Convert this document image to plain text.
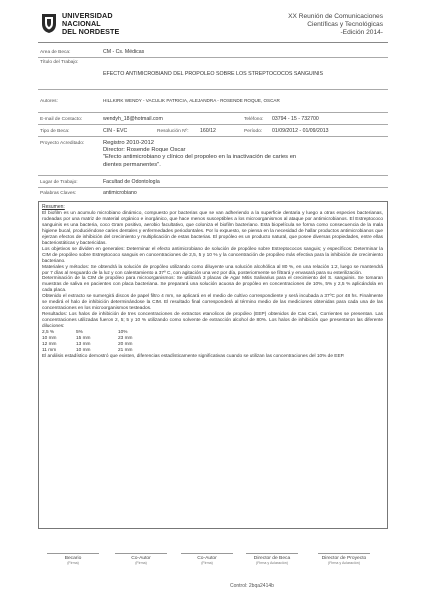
UNIVERSIDAD
NACIONAL
DEL NORDESTE
XX Reunión de Comunicaciones
Científicas y Tecnológicas
-Edición 2014-
Area de Beca:	CM - Cs. Médicas
Título del Trabajo:
EFECTO ANTIMICROBIANO DEL PROPOLEO SOBRE LOS STREPTOCOCOS SANGUINIS
Autores:	HILLKIRK WENDY - VACULIK PATRICIA, ALEJANDRA - ROSENDE ROQUE, OSCAR
E-mail de Contacto:	wendyh_18@hotmail.com	Teléfono: 03794 - 15 - 732700
Tipo de Beca:	CIN - EVC	Resolución Nº: 160/12	Período: 01/09/2012 - 01/09/2013
Proyecto Acreditado:	Registro 2010-2012
Director: Rosende Roque Oscar
"Efecto antimicrobiano y clínico del propoleo en la inactivación de caries en
dientes permanentes".
Lugar de Trabajo:	Facultad de Odontología
Palabras Claves:	antimicrobiano
Resumen:

El biofilm es un acumulo microbiano dinámico, compuesto por bacterias que se van adheriendo a la superficie dentaria y luego a otras especies bacterianas, rodeadas por una matriz de material orgánico e inorgánico, que hace menos susceptibles a los microorganismos al ataque por antimicrobianos. El Estreptococo sanguinis es una bacteria, coco Gram positivo, aerobio facultativo, que coloniza el biofilm bacteriano. Esta biopelícula se forma como consecuencia de la mala higiene bucal, produciéndose caries dentales y enfermedades periodontales. Por lo expuesto, se piensa en la necesidad de hallar productos antimicrobianos que ejerzan efectos de inhibición del crecimiento y multiplicación de estas bacterias. El propóleo es un producto natural, que posee diversas propiedades, entre ellas bacteriostáticas y bactericidas.

Los objetivos se dividen en generales: Determinar el efecto antimicrobiano de solución de propóleo sobre Estreptococos sanguis; y específicos: Determinar la CIM de propóleo sobre Estreptococo sanguis en concentraciones de 2,5, 5 y 10 % y la concentración de propóleo más efectiva para la inhibición de crecimiento bacteriano.

Materiales y métodos: Se obtendrá la solución de propóleo utilizando como diluyente una solución alcohólica al 80 %, en una relación 1:2, luego se mantendrá por 7 días al resguardo de la luz y con calentamiento a 37º C, con agitación una vez por día, posteriormente se filtrará y envasará para su esterilización.

Determinación de la CIM de propóleo para microorganismos: Se utilizará 3 placas de Agar Mitis Salivarius para el crecimiento del S. sanguinis. Se tomaran muestras de saliva en pacientes con placa bacteriana. Se preparará una solución acuosa de propóleo en concentraciones de 10%, 5% y 2,5 % aplicándola en cada placa.

Obtenido el extracto se sumergirá discos de papel filtro 4 mm, se aplicará en el medio de cultivo correspondiente y será incubada a 37ºC por 48 hs. Finalmente se medirá el halo de inhibición determinándose la CIM. El resultado final corresponderá al término medio de las mediciones obtenidas para cada una de las concentraciones en los microorganismos testeados.

Resultados: Los halos de inhibición de tres concentraciones de extractos etanolicos de propóleo (EEP) obtenidos de Cas Cari, Corrientes se presentan. Las concentraciones utilizadas fueron 2, 5; 5 y 10 % utilizando como solvente de extracción alcohol de 80%. Los halos de inhibición que presentaron las diferente diluciones:

2,5 %	5%	10%
10 mm	15 mm	23 mm
12 mm	13 mm	20 mm
11 mm	10 mm	21 mm

El análisis estadístico demostró que existen, diferencias estadísticamente significativas cuando se utilizan las concentraciones del 10% de EEP.

Becario
(Firma)
Co-Autor
(Firma)
Co-Autor
(Firma)
Director de Beca
(Firma y Aclaración)
Director de Proyecto
(Firma y Aclaración)
Control: 2bqa2414b
